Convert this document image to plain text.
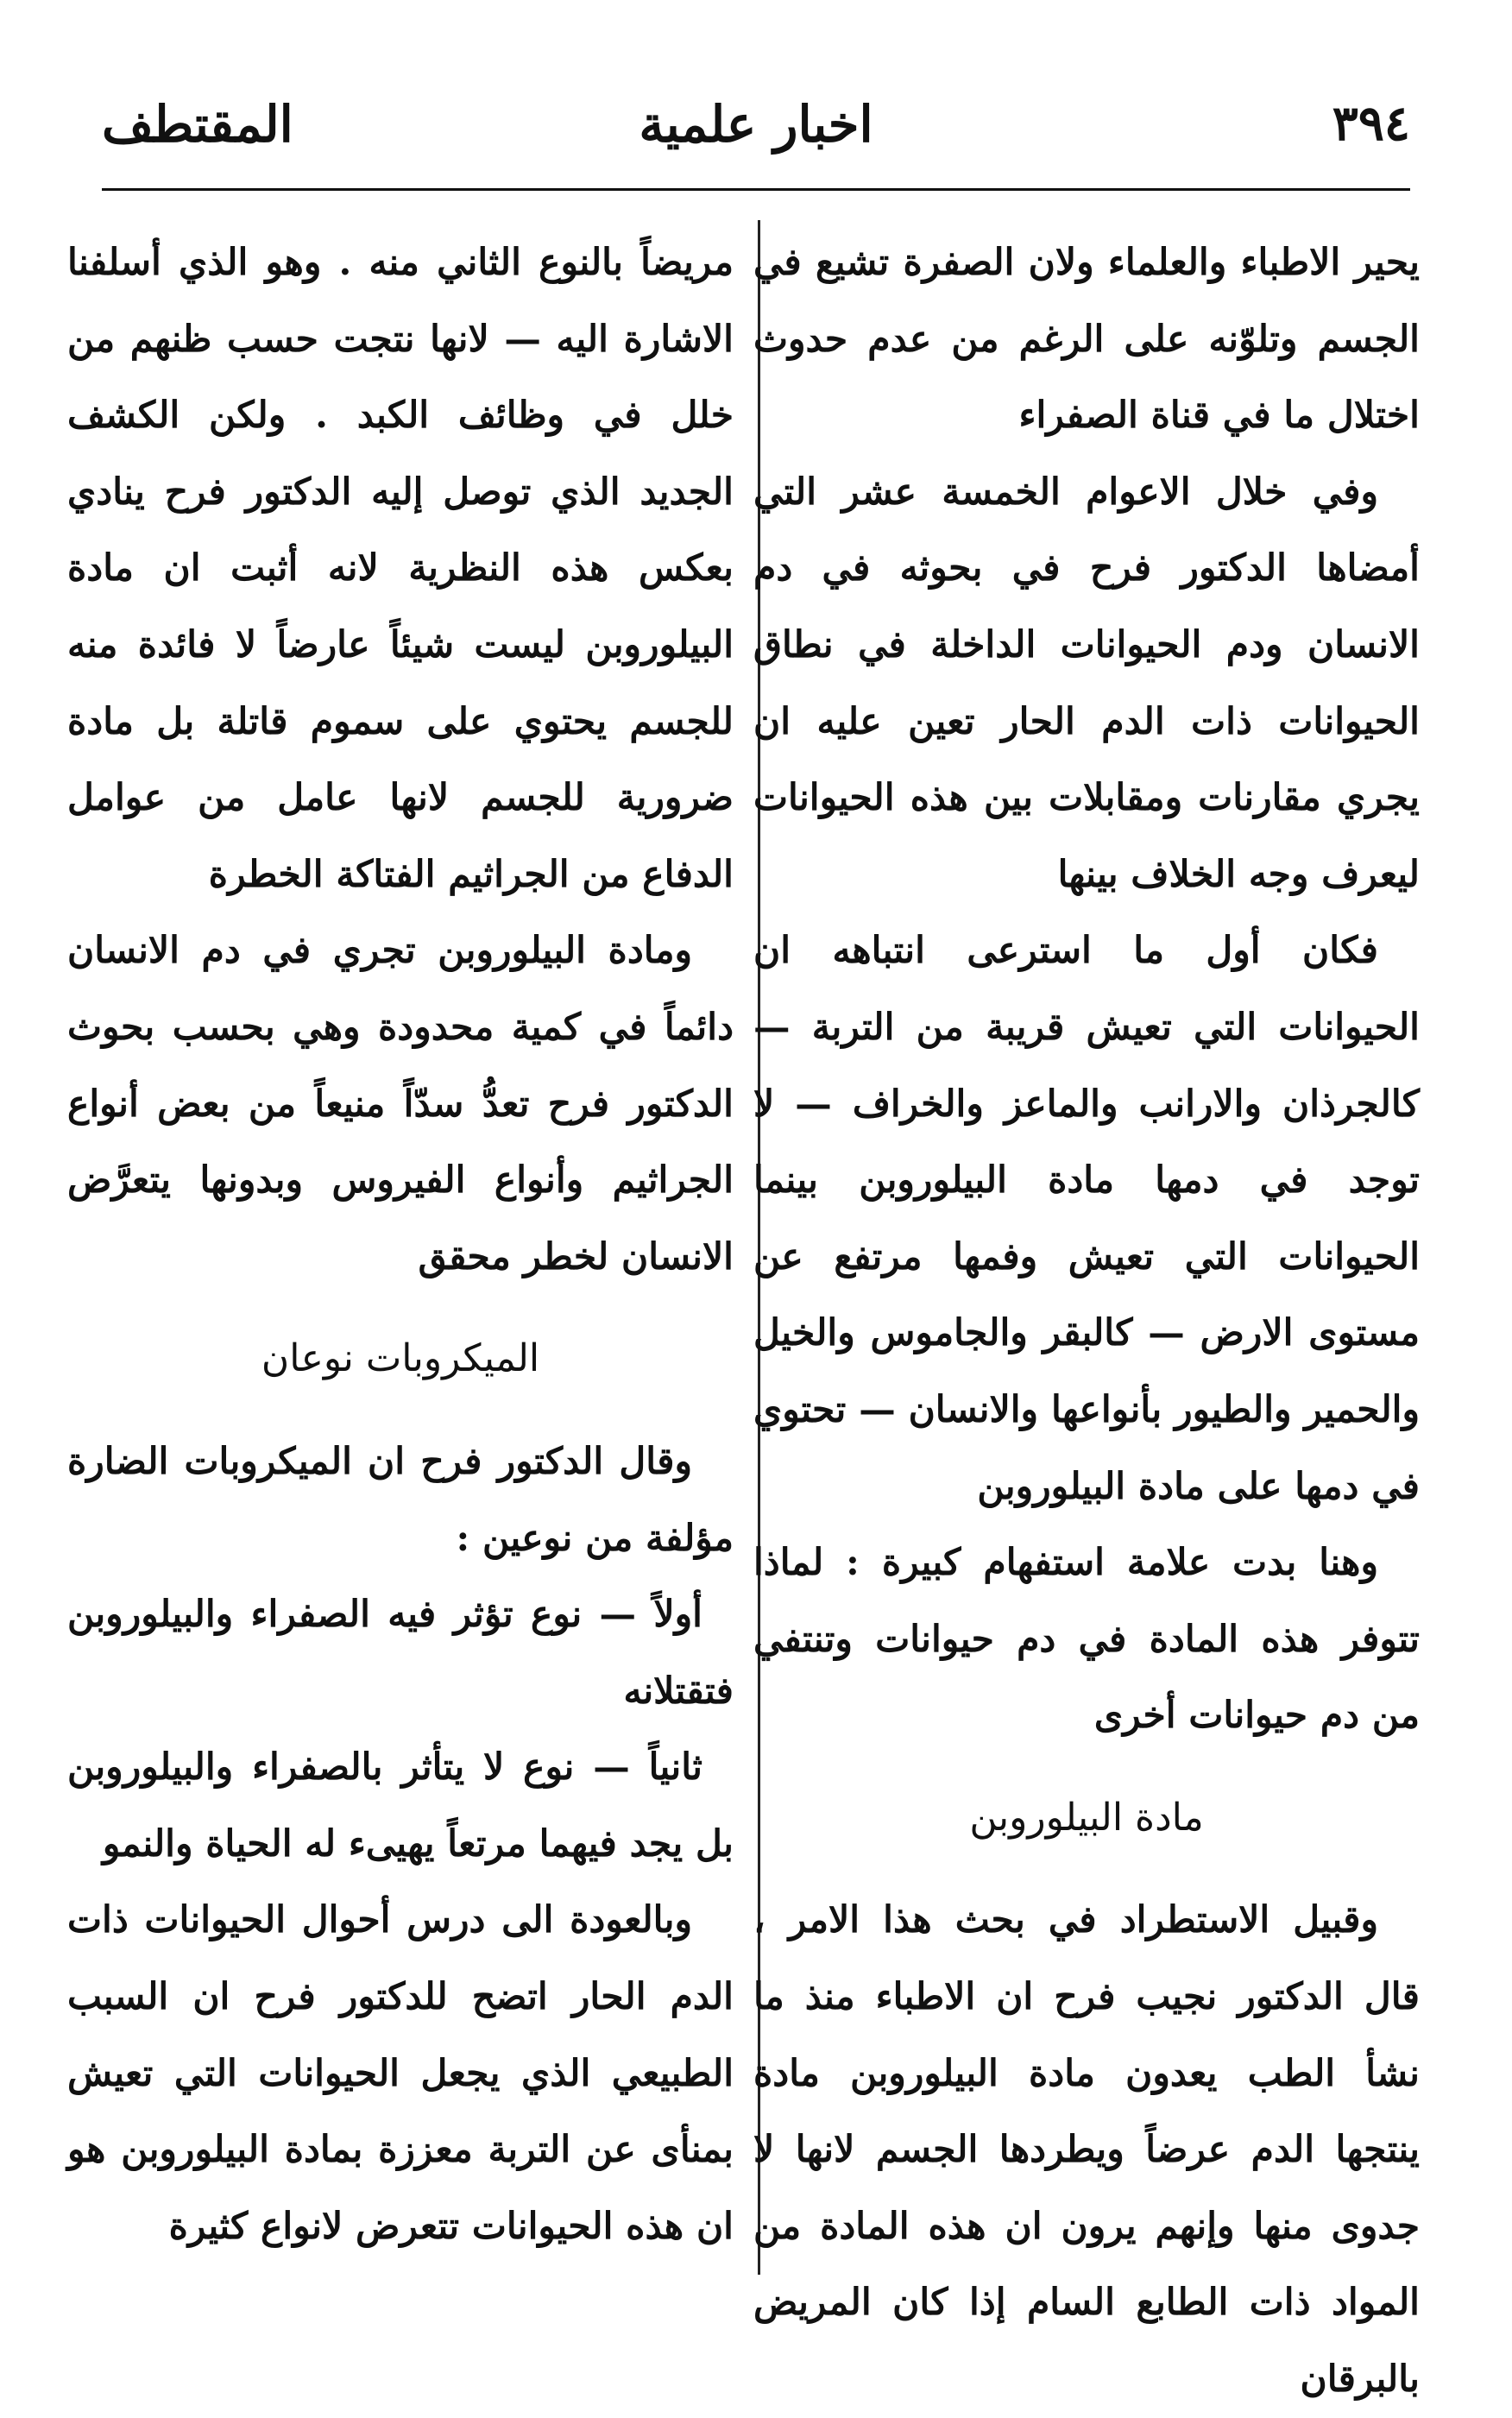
٣٩٤
اخبار علمية
المقتطف

يحير الاطباء والعلماء ولان الصفرة تشيع في الجسم وتلوّنه على الرغم من عدم حدوث اختلال ما في قناة الصفراء

وفي خلال الاعوام الخمسة عشر التي أمضاها الدكتور فرح في بحوثه في دم الانسان ودم الحيوانات الداخلة في نطاق الحيوانات ذات الدم الحار تعين عليه ان يجري مقارنات ومقابلات بين هذه الحيوانات ليعرف وجه الخلاف بينها

فكان أول ما استرعى انتباهه ان الحيوانات التي تعيش قريبة من التربة — كالجرذان والارانب والماعز والخراف — لا توجد في دمها مادة البيلوروبن بينما الحيوانات التي تعيش وفمها مرتفع عن مستوى الارض — كالبقر والجاموس والخيل والحمير والطيور بأنواعها والانسان — تحتوي في دمها على مادة البيلوروبن

وهنا بدت علامة استفهام كبيرة : لماذا تتوفر هذه المادة في دم حيوانات وتنتفي من دم حيوانات أخرى

مادة البيلوروبن

وقبيل الاستطراد في بحث هذا الامر ، قال الدكتور نجيب فرح ان الاطباء منذ ما نشأ الطب يعدون مادة البيلوروبن مادة ينتجها الدم عرضاً ويطردها الجسم لانها لا جدوى منها وإنهم يرون ان هذه المادة من المواد ذات الطابع السام إذا كان المريض بالبرقان

مريضاً بالنوع الثاني منه . وهو الذي أسلفنا الاشارة اليه — لانها نتجت حسب ظنهم من خلل في وظائف الكبد . ولكن الكشف الجديد الذي توصل إليه الدكتور فرح ينادي بعكس هذه النظرية لانه أثبت ان مادة البيلوروبن ليست شيئاً عارضاً لا فائدة منه للجسم يحتوي على سموم قاتلة بل مادة ضرورية للجسم لانها عامل من عوامل الدفاع من الجراثيم الفتاكة الخطرة

ومادة البيلوروبن تجري في دم الانسان دائماً في كمية محدودة وهي بحسب بحوث الدكتور فرح تعدُّ سدّاً منيعاً من بعض أنواع الجراثيم وأنواع الفيروس وبدونها يتعرَّض الانسان لخطر محقق

الميكروبات نوعان

وقال الدكتور فرح ان الميكروبات الضارة مؤلفة من نوعين :

أولاً — نوع تؤثر فيه الصفراء والبيلوروبن فتقتلانه

ثانياً — نوع لا يتأثر بالصفراء والبيلوروبن بل يجد فيهما مرتعاً يهيىء له الحياة والنمو

وبالعودة الى درس أحوال الحيوانات ذات الدم الحار اتضح للدكتور فرح ان السبب الطبيعي الذي يجعل الحيوانات التي تعيش بمنأى عن التربة معززة بمادة البيلوروبن هو ان هذه الحيوانات تتعرض لانواع كثيرة
